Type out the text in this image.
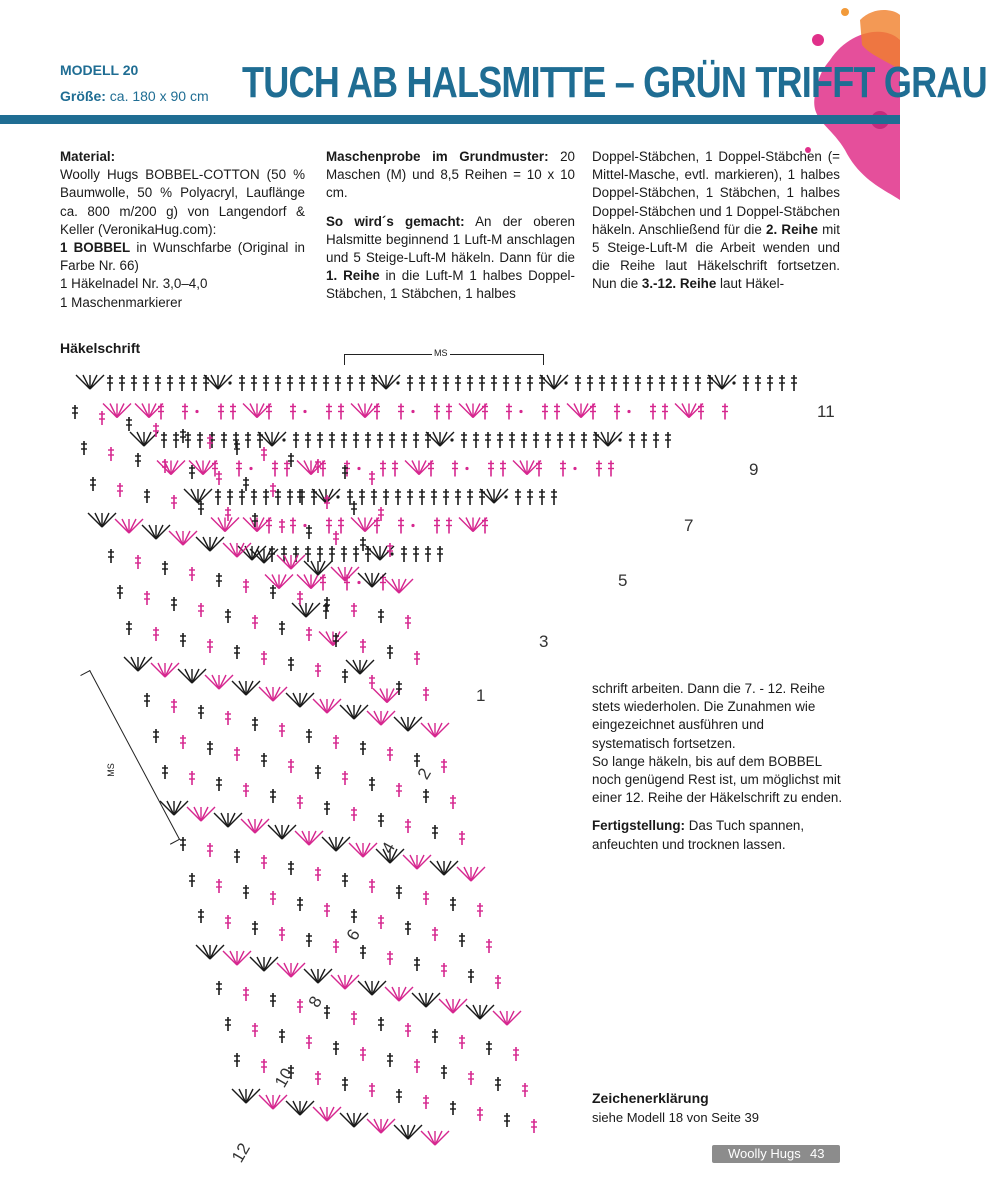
MODELL 20
Größe: ca. 180 x 90 cm TUCH AB HALSMITTE – GRÜN TRIFFT GRAU

Material:

Woolly Hugs BOBBEL-COTTON (50 % Baumwolle, 50 % Polyacryl, Lauflänge ca. 800 m/200 g) von Langendorf & Keller (VeronikaHug.com):

1 BOBBEL in Wunschfarbe (Original in Farbe Nr. 66)

1 Häkelnadel Nr. 3,0–4,0

1 Maschenmarkierer

Maschenprobe im Grundmuster: 20 Maschen (M) und 8,5 Reihen = 10 x 10 cm.

So wird´s gemacht: An der oberen Halsmitte beginnend 1 Luft-M anschlagen und 5 Steige-Luft-M häkeln. Dann für die 1. Reihe in die Luft-M 1 halbes Doppel-Stäbchen, 1 Stäbchen, 1 halbes

Doppel-Stäbchen, 1 Doppel-Stäbchen (= Mittel-Masche, evtl. markieren), 1 halbes Doppel-Stäbchen, 1 Stäbchen, 1 halbes Doppel-Stäbchen und 1 Doppel-Stäbchen häkeln. Anschließend für die 2. Reihe mit 5 Steige-Luft-M die Arbeit wenden und die Reihe laut Häkelschrift fortsetzen. Nun die 3.-12. Reihe laut Häkel-

schrift arbeiten. Dann die 7. - 12. Reihe stets wiederholen. Die Zunahmen wie eingezeichnet ausführen und systematisch fortsetzen.

So lange häkeln, bis auf dem BOBBEL noch genügend Rest ist, um möglichst mit einer 12. Reihe der Häkelschrift zu enden.

Fertigstellung: Das Tuch spannen, anfeuchten und trocknen lassen.

Häkelschrift
11
9
7
5
3
1
2
4
6
8
10
12
MS
MS
Zeichenerklärung
siehe Modell 18 von Seite 39
Woolly Hugs 43
